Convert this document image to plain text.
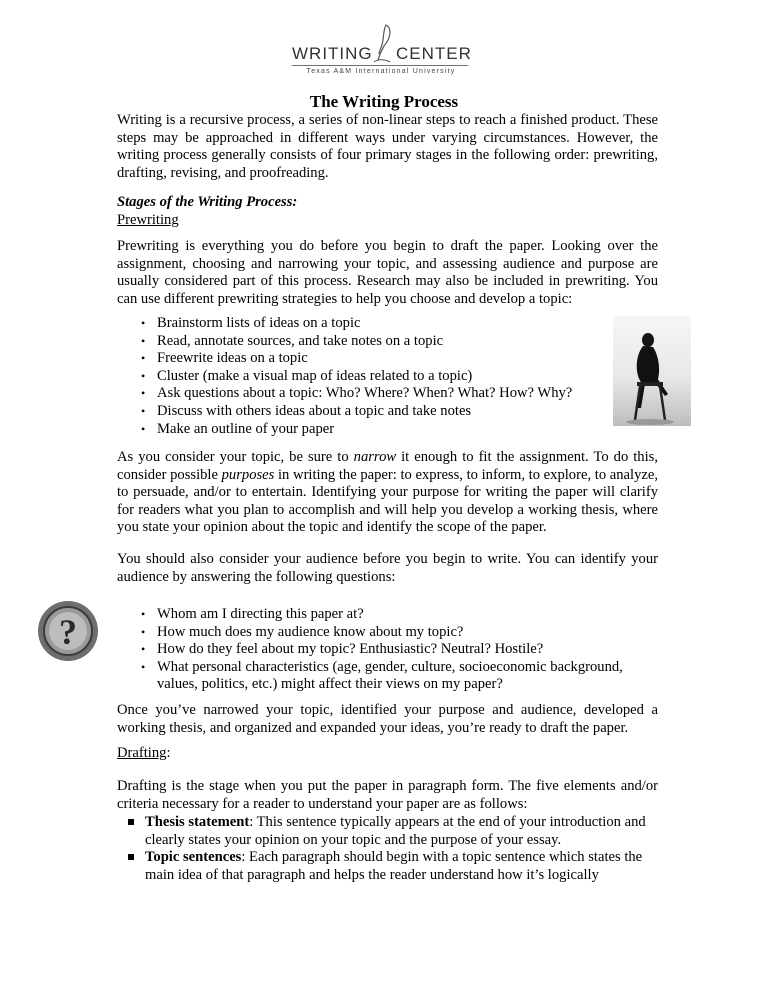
WRITING CENTER
Texas A&M International University
The Writing Process

Writing is a recursive process, a series of non-linear steps to reach a finished product. These steps may be approached in different ways under varying circumstances. However, the writing process generally consists of four primary stages in the following order: prewriting, drafting, revising, and proofreading.

Stages of the Writing Process:
Prewriting

Prewriting is everything you do before you begin to draft the paper. Looking over the assignment, choosing and narrowing your topic, and assessing audience and purpose are usually considered part of this process. Research may also be included in prewriting. You can use different prewriting strategies to help you choose and develop a topic:

• Brainstorm lists of ideas on a topic
• Read, annotate sources, and take notes on a topic
• Freewrite ideas on a topic
• Cluster (make a visual map of ideas related to a topic)
• Ask questions about a topic: Who? Where? When? What? How? Why?
• Discuss with others ideas about a topic and take notes
• Make an outline of your paper

As you consider your topic, be sure to narrow it enough to fit the assignment. To do this, consider possible purposes in writing the paper: to express, to inform, to explore, to analyze, to persuade, and/or to entertain. Identifying your purpose for writing the paper will clarify for readers what you plan to accomplish and will help you develop a working thesis, where you state your opinion about the topic and identify the scope of the paper.

You should also consider your audience before you begin to write. You can identify your audience by answering the following questions:

?
•	Whom am I directing this paper at?
• How much does my audience know about my topic?
• How do they feel about my topic? Enthusiastic? Neutral? Hostile?
• What personal characteristics (age, gender, culture, socioeconomic background, values, politics, etc.) might affect their views on my paper?

Once you’ve narrowed your topic, identified your purpose and audience, developed a working thesis, and organized and expanded your ideas, you’re ready to draft the paper.

Drafting:

Drafting is the stage when you put the paper in paragraph form. The five elements and/or criteria necessary for a reader to understand your paper are as follows:

Thesis statement: This sentence typically appears at the end of your introduction and clearly states your opinion on your topic and the purpose of your essay.
Topic sentences: Each paragraph should begin with a topic sentence which states the main idea of that paragraph and helps the reader understand how it’s logically
